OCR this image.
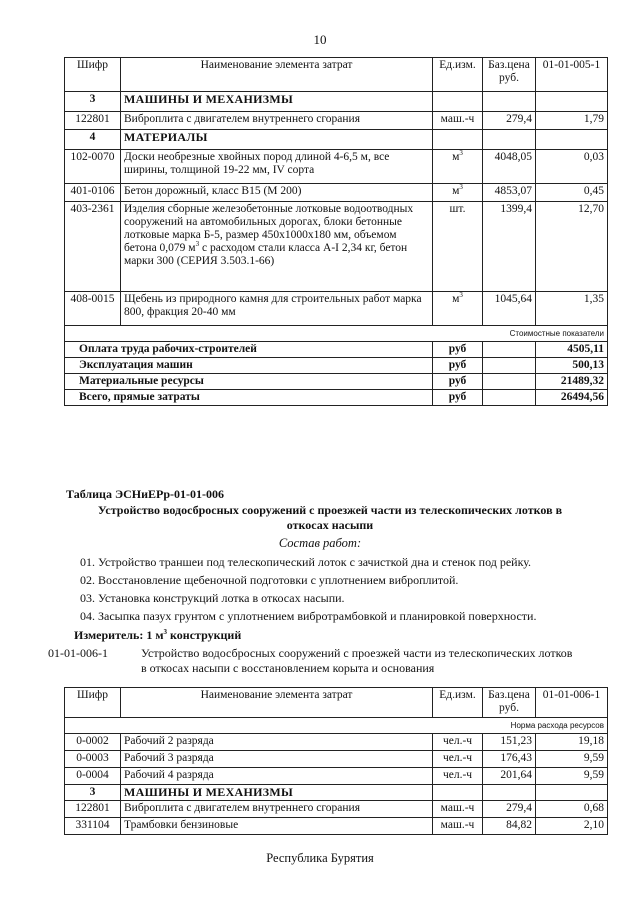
10
Шифр	Наименование элемента затрат	Ед.изм.	Баз.цена руб.	01-01-005-1
3	МАШИНЫ И МЕХАНИЗМЫ			
122801	Виброплита с двигателем внутреннего сгорания	маш.-ч	279,4	1,79
4	МАТЕРИАЛЫ			
102-0070	Доски необрезные хвойных пород длиной 4-6,5 м, все ширины, толщиной 19-22 мм, IV сорта	$м^3$	4048,05	0,03
401-0106	Бетон дорожный, класс В15 (М 200)	$м^3$	4853,07	0,45
403-2361	Изделия сборные железобетонные лотковые водоотводных сооружений на автомобильных дорогах, блоки бетонные лотковые марка Б-5, размер 450х1000х180 мм, объемом бетона 0,079 $м^3$ с расходом стали класса А-I 2,34 кг, бетон марки 300 (СЕРИЯ 3.503.1-66)	шт.	1399,4	12,70
408-0015	Щебень из природного камня для строительных работ марка 800, фракция 20-40 мм	$м^3$	1045,64	1,35
Стоимостные показатели				
Оплата труда рабочих-строителей		руб		4505,11
Эксплуатация машин		руб		500,13
Материальные ресурсы		руб		21489,32
Всего, прямые затраты		руб		26494,56
Таблица ЭСНиЕРр-01-01-006
Устройство водосбросных сооружений с проезжей части из телескопических лотков в
откосах насыпи
Состав работ:
01. Устройство траншеи под телескопический лоток с зачисткой дна и стенок под рейку.
02. Восстановление щебеночной подготовки с уплотнением виброплитой.
03. Установка конструкций лотка в откосах насыпи.
04. Засыпка пазух грунтом с уплотнением вибротрамбовкой и планировкой поверхности.
Измеритель: 1 $м^3$ конструкций
01-01-006-1	Устройство водосбросных сооружений с проезжей части из телескопических лотков
в откосах насыпи с восстановлением корыта и основания
Шифр	Наименование элемента затрат	Ед.изм.	Баз.цена руб.	01-01-006-1
Норма расхода ресурсов				
0-0002	Рабочий 2 разряда	чел.-ч	151,23	19,18
0-0003	Рабочий 3 разряда	чел.-ч	176,43	9,59
0-0004	Рабочий 4 разряда	чел.-ч	201,64	9,59
3	МАШИНЫ И МЕХАНИЗМЫ			
122801	Виброплита с двигателем внутреннего сгорания	маш.-ч	279,4	0,68
331104	Трамбовки бензиновые	маш.-ч	84,82	2,10
Республика Бурятия
